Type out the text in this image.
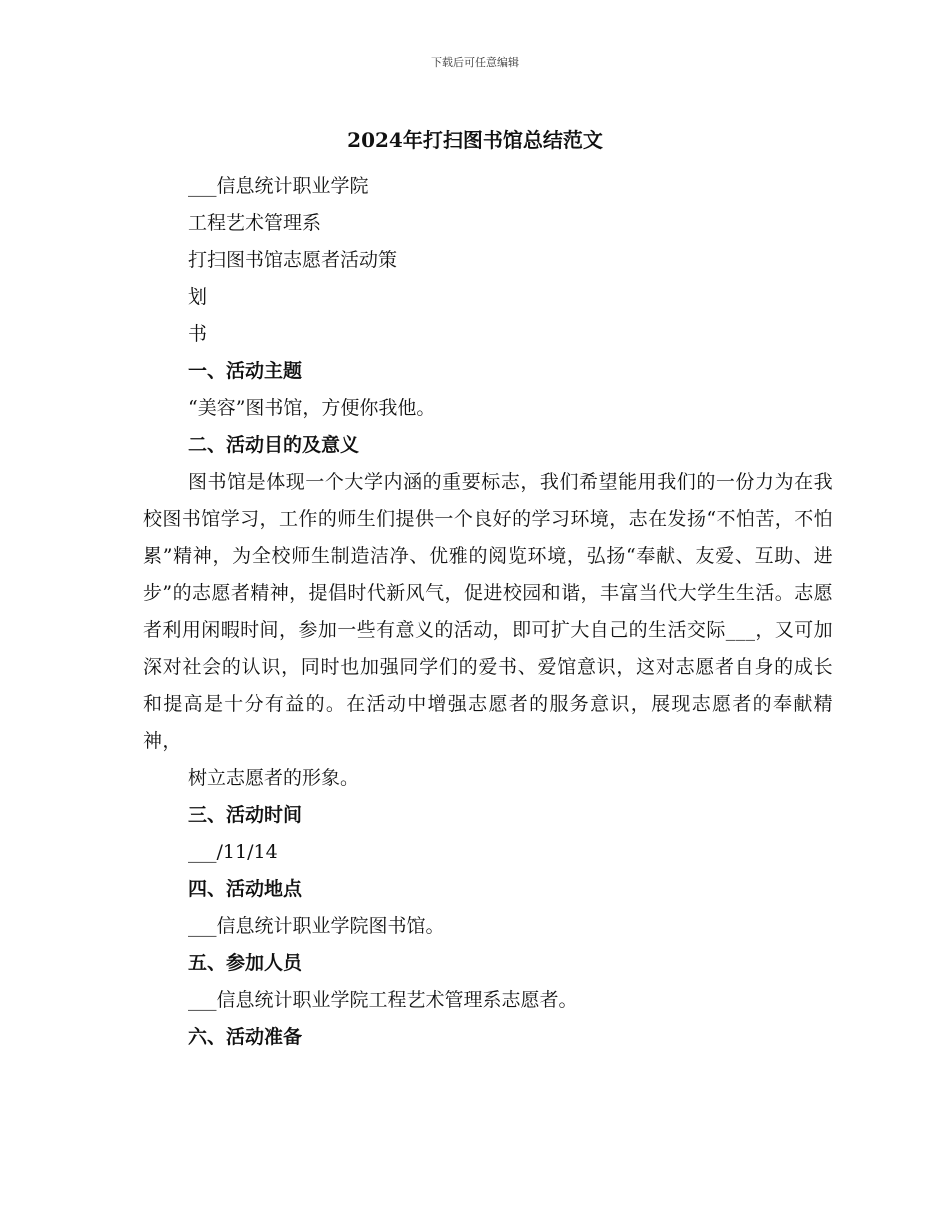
下载后可任意编辑
2024年打扫图书馆总结范文
___信息统计职业学院
工程艺术管理系
打扫图书馆志愿者活动策
划
书
一、活动主题
“美容”图书馆，方便你我他。
二、活动目的及意义
图书馆是体现一个大学内涵的重要标志，我们希望能用我们的一份力为在我校图书馆学习，工作的师生们提供一个良好的学习环境，志在发扬“不怕苦，不怕累”精神，为全校师生制造洁净、优雅的阅览环境，弘扬“奉献、友爱、互助、进步”的志愿者精神，提倡时代新风气，促进校园和谐，丰富当代大学生生活。志愿者利用闲暇时间，参加一些有意义的活动，即可扩大自己的生活交际___，又可加深对社会的认识，同时也加强同学们的爱书、爱馆意识，这对志愿者自身的成长和提高是十分有益的。在活动中增强志愿者的服务意识，展现志愿者的奉献精神，
树立志愿者的形象。
三、活动时间
___/11/14
四、活动地点
___信息统计职业学院图书馆。
五、参加人员
___信息统计职业学院工程艺术管理系志愿者。
六、活动准备
